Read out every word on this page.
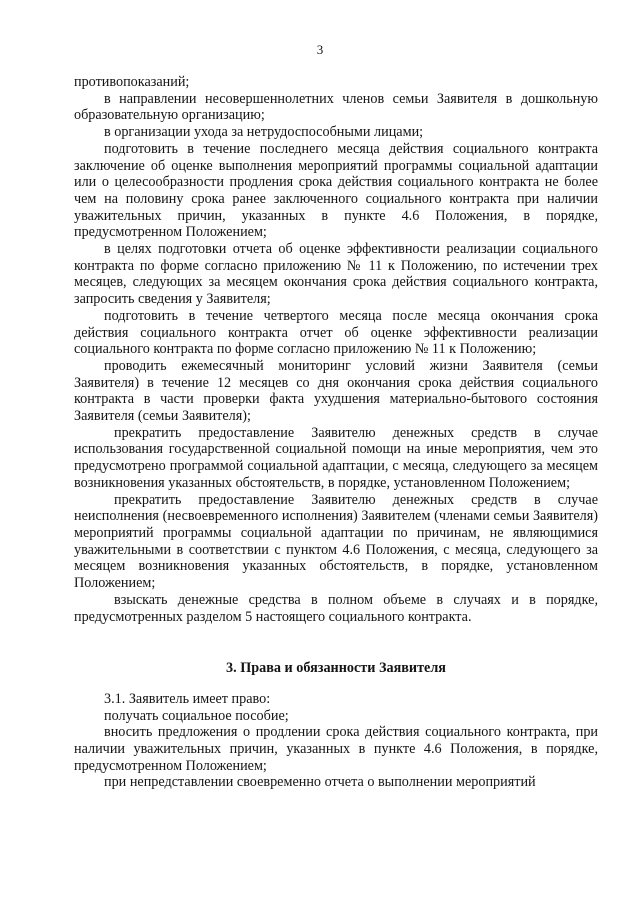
3

противопоказаний;

в направлении несовершеннолетних членов семьи Заявителя в дошкольную образовательную организацию;

в организации ухода за нетрудоспособными лицами;

подготовить в течение последнего месяца действия социального контракта заключение об оценке выполнения мероприятий программы социальной адаптации или о целесообразности продления срока действия социального контракта не более чем на половину срока ранее заключенного социального контракта при наличии уважительных причин, указанных в пункте 4.6 Положения, в порядке, предусмотренном Положением;

в целях подготовки отчета об оценке эффективности реализации социального контракта по форме согласно приложению № 11 к Положению, по истечении трех месяцев, следующих за месяцем окончания срока действия социального контракта, запросить сведения у Заявителя;

подготовить в течение четвертого месяца после месяца окончания срока действия социального контракта отчет об оценке эффективности реализации социального контракта по форме согласно приложению № 11 к Положению;

проводить ежемесячный мониторинг условий жизни Заявителя (семьи Заявителя) в течение 12 месяцев со дня окончания срока действия социального контракта в части проверки факта ухудшения материально-бытового состояния Заявителя (семьи Заявителя);

прекратить предоставление Заявителю денежных средств в случае использования государственной социальной помощи на иные мероприятия, чем это предусмотрено программой социальной адаптации, с месяца, следующего за месяцем возникновения указанных обстоятельств, в порядке, установленном Положением;

прекратить предоставление Заявителю денежных средств в случае неисполнения (несвоевременного исполнения) Заявителем (членами семьи Заявителя) мероприятий программы социальной адаптации по причинам, не являющимися уважительными в соответствии с пунктом 4.6 Положения, с месяца, следующего за месяцем возникновения указанных обстоятельств, в порядке, установленном Положением;

взыскать денежные средства в полном объеме в случаях и в порядке, предусмотренных разделом 5 настоящего социального контракта.

3. Права и обязанности Заявителя

3.1. Заявитель имеет право:

получать социальное пособие;

вносить предложения о продлении срока действия социального контракта, при наличии уважительных причин, указанных в пункте 4.6 Положения, в порядке, предусмотренном Положением;

при непредставлении своевременно отчета о выполнении мероприятий
